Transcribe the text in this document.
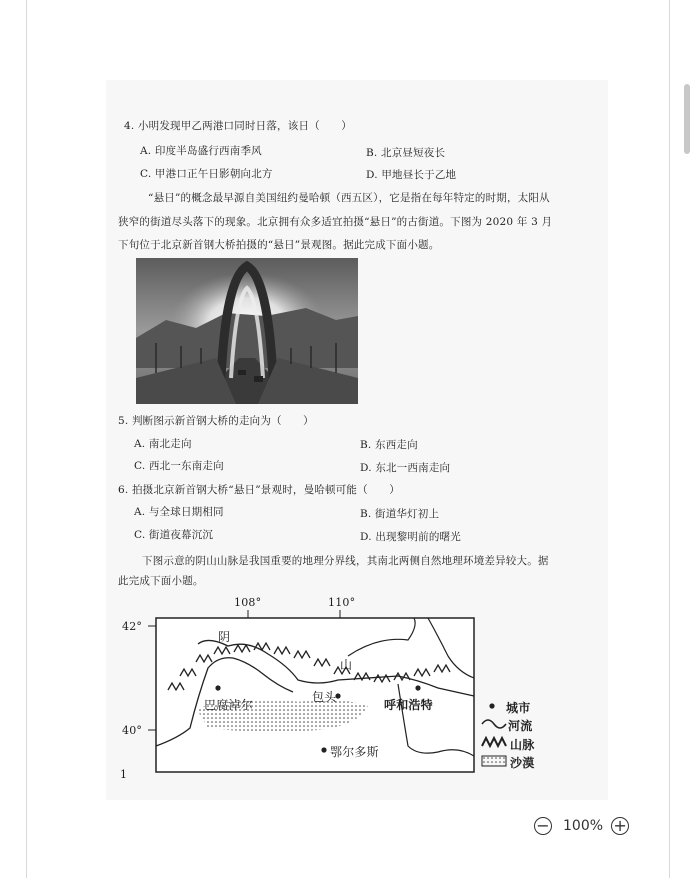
4. 小明发现甲乙两港口同时日落，该日（　　）
A. 印度半岛盛行西南季风	B. 北京昼短夜长
C. 甲港口正午日影朝向北方	D. 甲地昼长于乙地
“悬日”的概念最早源自美国纽约曼哈顿（西五区），它是指在每年特定的时期，太阳从
狭窄的街道尽头落下的现象。北京拥有众多适宜拍摄“悬日”的古街道。下图为 2020 年 3 月
下旬位于北京新首钢大桥拍摄的“悬日”景观图。据此完成下面小题。
5. 判断图示新首钢大桥的走向为（　　）
A. 南北走向	B. 东西走向
C. 西北一东南走向	D. 东北一西南走向
6. 拍摄北京新首钢大桥“悬日”景观时，曼哈顿可能（　　）
A. 与全球日期相同	B. 街道华灯初上
C. 街道夜幕沉沉	D. 出现黎明前的曙光
下图示意的阴山山脉是我国重要的地理分界线，其南北两侧自然地理环境差异较大。据
此完成下面小题。
108°	110°
42°
40°
阴
山
巴腐淖尔
包头
呼和浩特
鄂尔多斯
城市
河流
山脉
沙漠
1
− 100% +
